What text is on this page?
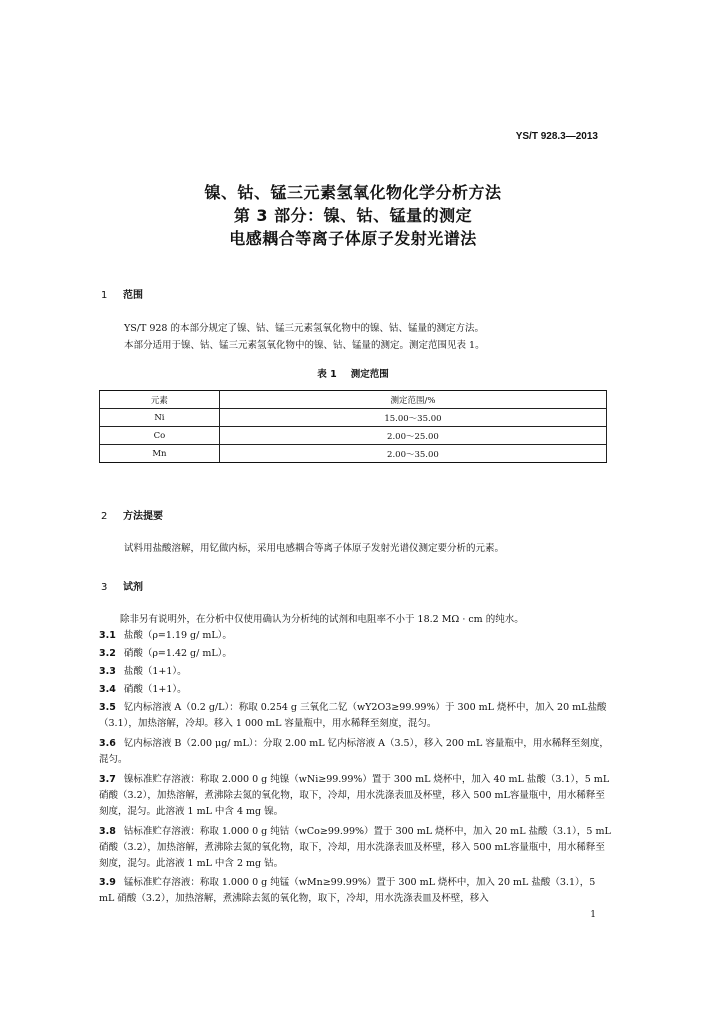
YS/T 928.3—2013
镍、钴、锰三元素氢氧化物化学分析方法
第 3 部分：镍、钴、锰量的测定
电感耦合等离子体原子发射光谱法
1 范围
YS/T 928 的本部分规定了镍、钴、锰三元素氢氧化物中的镍、钴、锰量的测定方法。
本部分适用于镍、钴、锰三元素氢氧化物中的镍、钴、锰量的测定。测定范围见表 1。
表 1 测定范围
元素	测定范围/%
Ni	15.00～35.00
Co	2.00～25.00
Mn	2.00～35.00
2 方法提要
试料用盐酸溶解，用钇做内标，采用电感耦合等离子体原子发射光谱仪测定要分析的元素。
3 试剂
除非另有说明外，在分析中仅使用确认为分析纯的试剂和电阻率不小于 18.2 MΩ · cm 的纯水。
3.1 盐酸（ρ=1.19 g/ mL）。
3.2 硝酸（ρ=1.42 g/ mL）。
3.3 盐酸（1+1）。
3.4 硝酸（1+1）。
3.5 钇内标溶液 A（0.2 g/L）：称取 0.254 g 三氧化二钇（wY2O3≥99.99%）于 300 mL 烧杯中，加入 20 mL盐酸（3.1），加热溶解，冷却。移入 1 000 mL 容量瓶中，用水稀释至刻度，混匀。
3.6 钇内标溶液 B（2.00 μg/ mL）：分取 2.00 mL 钇内标溶液 A（3.5），移入 200 mL 容量瓶中，用水稀释至刻度，混匀。
3.7 镍标准贮存溶液：称取 2.000 0 g 纯镍（wNi≥99.99%）置于 300 mL 烧杯中，加入 40 mL 盐酸（3.1），5 mL 硝酸（3.2），加热溶解，煮沸除去氮的氧化物，取下，冷却，用水洗涤表皿及杯壁，移入 500 mL容量瓶中，用水稀释至刻度，混匀。此溶液 1 mL 中含 4 mg 镍。
3.8 钴标准贮存溶液：称取 1.000 0 g 纯钴（wCo≥99.99%）置于 300 mL 烧杯中，加入 20 mL 盐酸（3.1），5 mL 硝酸（3.2），加热溶解，煮沸除去氮的氧化物，取下，冷却，用水洗涤表皿及杯壁，移入 500 mL容量瓶中，用水稀释至刻度，混匀。此溶液 1 mL 中含 2 mg 钴。
3.9 锰标准贮存溶液：称取 1.000 0 g 纯锰（wMn≥99.99%）置于 300 mL 烧杯中，加入 20 mL 盐酸（3.1），5 mL 硝酸（3.2），加热溶解，煮沸除去氮的氧化物，取下，冷却，用水洗涤表皿及杯壁，移入
1
